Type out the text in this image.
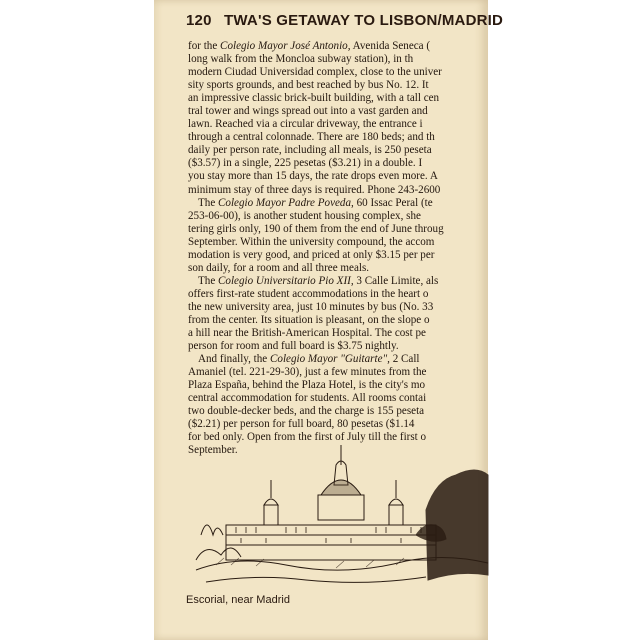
120 TWA'S GETAWAY TO LISBON/MADRID
for the Colegio Mayor José Antonio, Avenida Seneca (
long walk from the Moncloa subway station), in th
modern Ciudad Universidad complex, close to the univer
sity sports grounds, and best reached by bus No. 12. It
an impressive classic brick-built building, with a tall cen
tral tower and wings spread out into a vast garden and
lawn. Reached via a circular driveway, the entrance i
through a central colonnade. There are 180 beds; and th
daily per person rate, including all meals, is 250 peseta
($3.57) in a single, 225 pesetas ($3.21) in a double. I
you stay more than 15 days, the rate drops even more. A
minimum stay of three days is required. Phone 243-2600
The Colegio Mayor Padre Poveda, 60 Issac Peral (te
253-06-00), is another student housing complex, she
tering girls only, 190 of them from the end of June throug
September. Within the university compound, the accom
modation is very good, and priced at only $3.15 per per
son daily, for a room and all three meals.
The Colegio Universitario Pio XII, 3 Calle Limite, als
offers first-rate student accommodations in the heart o
the new university area, just 10 minutes by bus (No. 33
from the center. Its situation is pleasant, on the slope o
a hill near the British-American Hospital. The cost pe
person for room and full board is $3.75 nightly.
And finally, the Colegio Mayor "Guitarte", 2 Call
Amaniel (tel. 221-29-30), just a few minutes from the
Plaza España, behind the Plaza Hotel, is the city's mo
central accommodation for students. All rooms contai
two double-decker beds, and the charge is 155 peseta
($2.21) per person for full board, 80 pesetas ($1.14
for bed only. Open from the first of July till the first o
September.
Escorial, near Madrid
